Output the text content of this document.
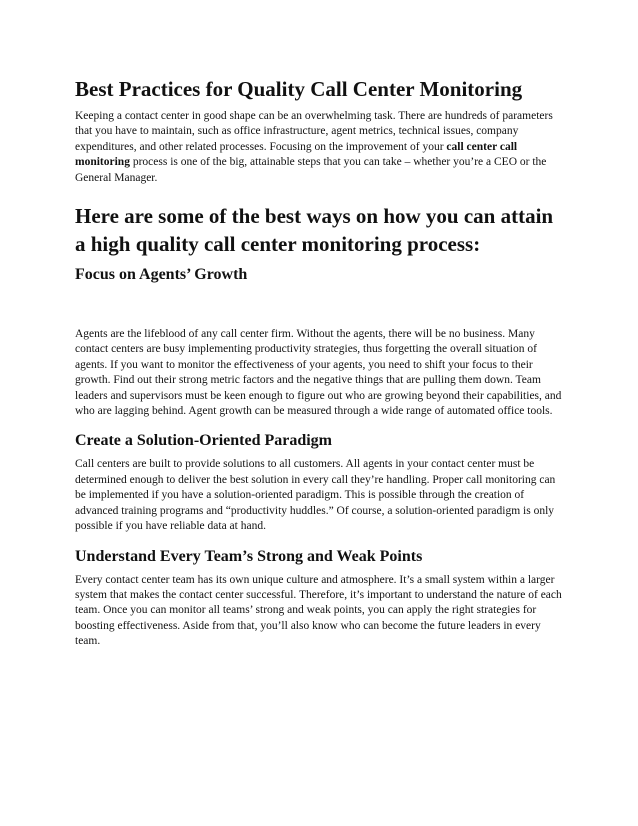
Best Practices for Quality Call Center Monitoring

Keeping a contact center in good shape can be an overwhelming task. There are hundreds of parameters that you have to maintain, such as office infrastructure, agent metrics, technical issues, company expenditures, and other related processes. Focusing on the improvement of your call center call monitoring process is one of the big, attainable steps that you can take – whether you’re a CEO or the General Manager.

Here are some of the best ways on how you can attain a high quality call center monitoring process:
Focus on Agents’ Growth

Agents are the lifeblood of any call center firm. Without the agents, there will be no business. Many contact centers are busy implementing productivity strategies, thus forgetting the overall situation of agents. If you want to monitor the effectiveness of your agents, you need to shift your focus to their growth. Find out their strong metric factors and the negative things that are pulling them down. Team leaders and supervisors must be keen enough to figure out who are growing beyond their capabilities, and who are lagging behind. Agent growth can be measured through a wide range of automated office tools.

Create a Solution-Oriented Paradigm

Call centers are built to provide solutions to all customers. All agents in your contact center must be determined enough to deliver the best solution in every call they’re handling. Proper call monitoring can be implemented if you have a solution-oriented paradigm. This is possible through the creation of advanced training programs and “productivity huddles.” Of course, a solution-oriented paradigm is only possible if you have reliable data at hand.

Understand Every Team’s Strong and Weak Points

Every contact center team has its own unique culture and atmosphere. It’s a small system within a larger system that makes the contact center successful. Therefore, it’s important to understand the nature of each team. Once you can monitor all teams’ strong and weak points, you can apply the right strategies for boosting effectiveness. Aside from that, you’ll also know who can become the future leaders in every team.
